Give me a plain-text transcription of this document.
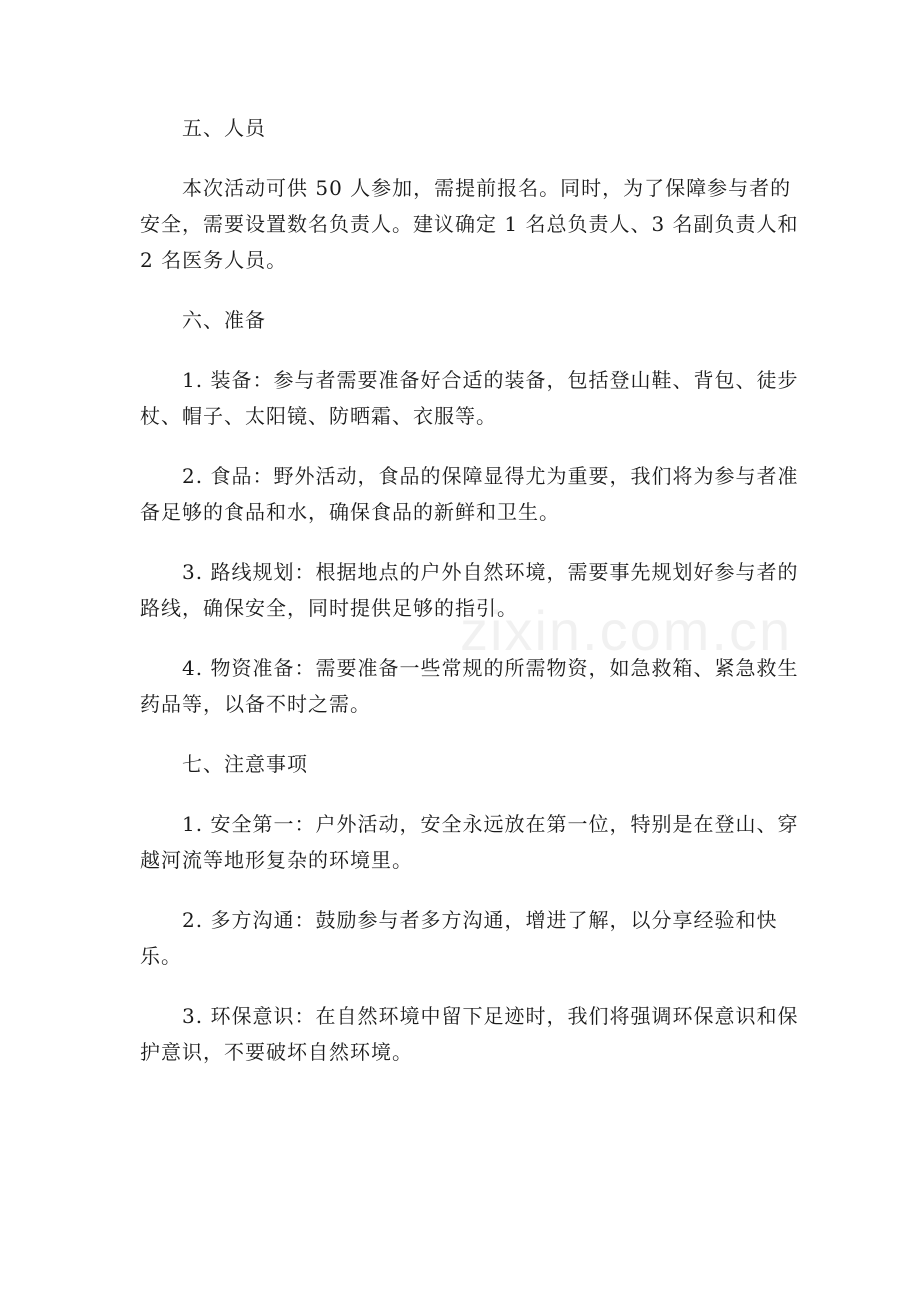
五、人员
本次活动可供 50 人参加，需提前报名。同时，为了保障参与者的安全，需要设置数名负责人。建议确定 1 名总负责人、3 名副负责人和 2 名医务人员。
六、准备
1. 装备：参与者需要准备好合适的装备，包括登山鞋、背包、徒步杖、帽子、太阳镜、防晒霜、衣服等。
2. 食品：野外活动，食品的保障显得尤为重要，我们将为参与者准备足够的食品和水，确保食品的新鲜和卫生。
3. 路线规划：根据地点的户外自然环境，需要事先规划好参与者的路线，确保安全，同时提供足够的指引。
4. 物资准备：需要准备一些常规的所需物资，如急救箱、紧急救生药品等，以备不时之需。
七、注意事项
1. 安全第一：户外活动，安全永远放在第一位，特别是在登山、穿越河流等地形复杂的环境里。
2. 多方沟通：鼓励参与者多方沟通，增进了解，以分享经验和快乐。
3. 环保意识：在自然环境中留下足迹时，我们将强调环保意识和保护意识，不要破坏自然环境。
zixin.com.cn
